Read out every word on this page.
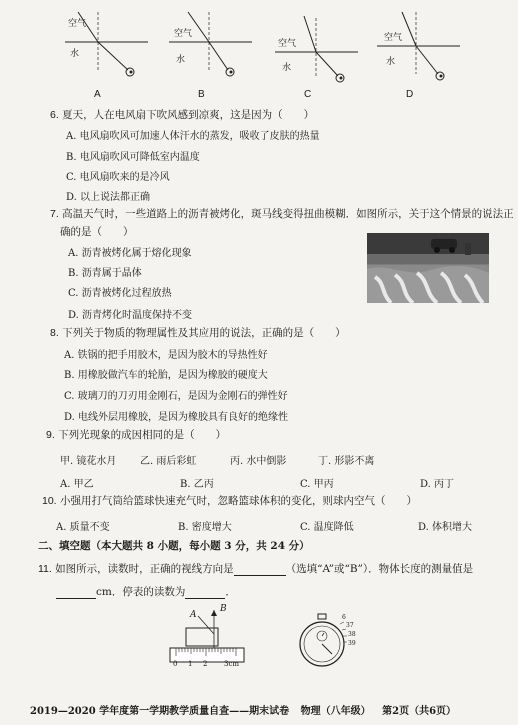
空气
水
A
空气
水
B
空气
水
C
空气
水
D
6. 夏天，人在电风扇下吹风感到凉爽，这是因为（　　）
A. 电风扇吹风可加速人体汗水的蒸发，吸收了皮肤的热量
B. 电风扇吹风可降低室内温度
C. 电风扇吹来的是冷风
D. 以上说法都正确
7. 高温天气时，一些道路上的沥青被烤化，斑马线变得扭曲模糊．如图所示，关于这个情景的说法正
确的是（　　）
A. 沥青被烤化属于熔化现象
B. 沥青属于晶体
C. 沥青被烤化过程放热
D. 沥青烤化时温度保持不变
8. 下列关于物质的物理属性及其应用的说法，正确的是（　　）
A. 铁锅的把手用胶木，是因为胶木的导热性好
B. 用橡胶做汽车的轮胎，是因为橡胶的硬度大
C. 玻璃刀的刀刃用金刚石，是因为金刚石的弹性好
D. 电线外层用橡胶，是因为橡胶具有良好的绝缘性
9. 下列光现象的成因相同的是（　　）
甲. 镜花水月 乙. 雨后彩虹	丙. 水中倒影	丁. 形影不离
A. 甲乙	B. 乙丙	C. 甲丙	D. 丙丁
10. 小强用打气筒给篮球快速充气时，忽略篮球体积的变化，则球内空气（　　）
A. 质量不变	B. 密度增大	C. 温度降低	D. 体积增大
二、填空题（本大题共 8 小题，每小题 3 分，共 24 分）
11. 如图所示，读数时，正确的视线方向是	（选填“A”或“B”）．物体长度的测量值是
cm．停表的读数为	．
A
B
0 1 2 3cm
6
37
38
39
2019—2020 学年度第一学期教学质量自查——期末试卷 物理（八年级） 第2页（共6页）
